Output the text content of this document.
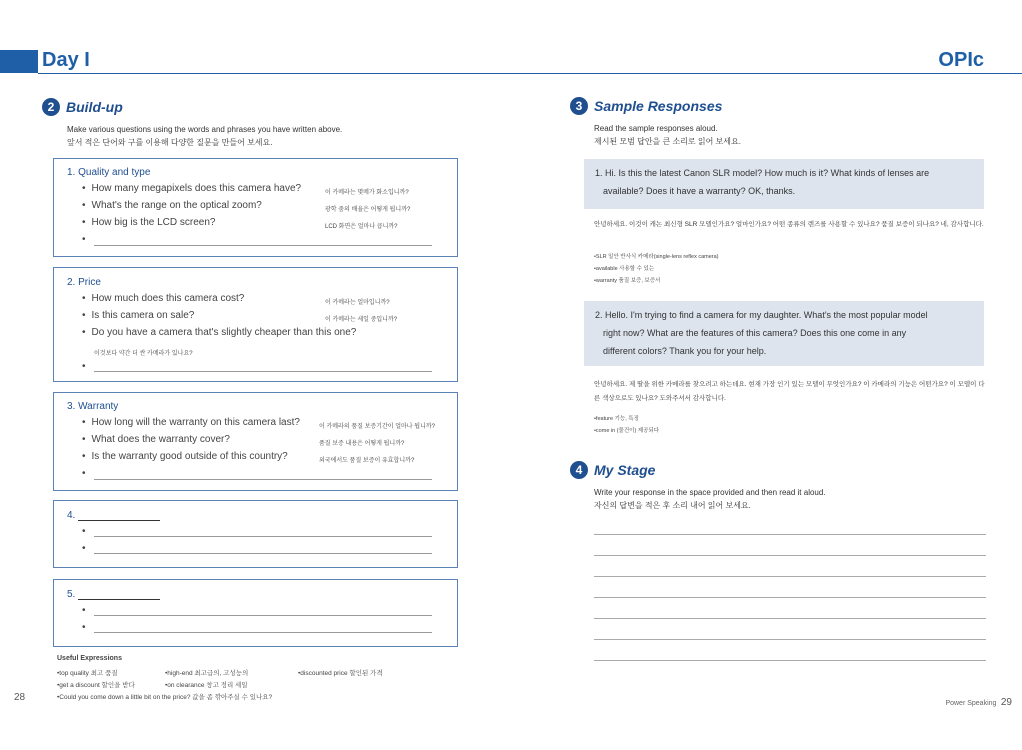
Day I	OPIc
2 Build-up
Make various questions using the words and phrases you have written above.
앞서 적은 단어와 구를 이용해 다양한 질문을 만들어 보세요.
1. Quality and type
• How many megapixels does this camera have?	이 카메라는 몇메가 화소입니까?
• What's the range on the optical zoom?	광학 줌의 배율은 어떻게 됩니까?
• How big is the LCD screen?	LCD 화면은 얼마나 큽니까?
•
2. Price
• How much does this camera cost?	이 카메라는 얼마입니까?
• Is this camera on sale?	이 카메라는 세일 중입니까?
• Do you have a camera that's slightly cheaper than this one?
이것보다 약간 더 싼 카메라가 있나요?
•
3. Warranty
• How long will the warranty on this camera last?	이 카메라의 품질 보증기간이 얼마나 됩니까?
• What does the warranty cover?	품질 보증 내용은 어떻게 됩니까?
• Is the warranty good outside of this country?	외국에서도 품질 보증이 유효합니까?
•
4.
•
•
5.
•
•
Useful Expressions
•top quality 최고 품질	•high-end 최고급의, 고성능의	•discounted price 할인된 가격
•get a discount 할인을 받다	•on clearance 창고 정리 세일
•Could you come down a little bit on the price? 값을 좀 깎아주실 수 있나요?
28
3 Sample Responses
Read the sample responses aloud.
제시된 모범 답안을 큰 소리로 읽어 보세요.
1. Hi. Is this the latest Canon SLR model? How much is it? What kinds of lenses are
available? Does it have a warranty? OK, thanks.
안녕하세요. 이것이 캐논 최신형 SLR 모델인가요? 얼마인가요? 어떤 종류의 렌즈를 사용할 수 있나요? 품질 보증이 되나요? 네, 감사합니다.
•SLR 일안 반사식 카메라(single-lens reflex camera)
•available 사용할 수 있는
•warranty 품질 보증, 보증서
2. Hello. I'm trying to find a camera for my daughter. What's the most popular model
right now? What are the features of this camera? Does this one come in any
different colors? Thank you for your help.
안녕하세요. 제 딸을 위한 카메라를 찾으려고 하는데요. 현재 가장 인기 있는 모델이 무엇인가요? 이 카메라의 기능은 어떤가요? 이 모델이 다른 색상으로도 있나요? 도와주셔서 감사합니다.
•feature 기능, 특징
•come in (물건이) 제공되다
4 My Stage
Write your response in the space provided and then read it aloud.
자신의 답변을 적은 후 소리 내어 읽어 보세요.
Power Speaking 29
